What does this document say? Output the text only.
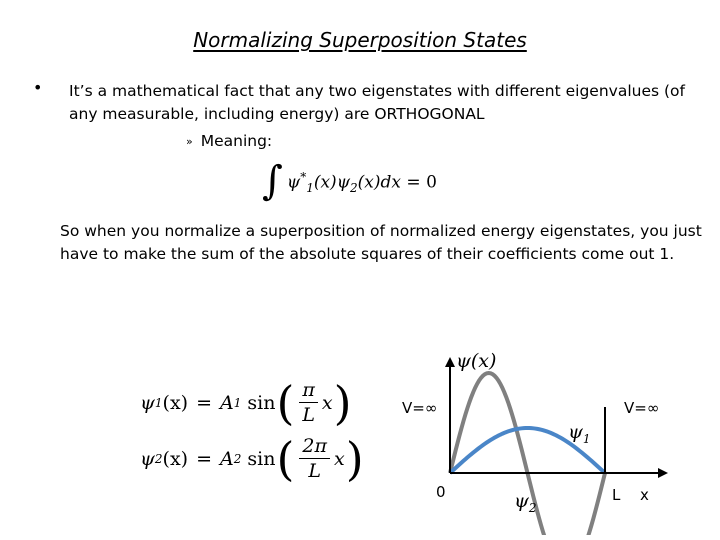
Normalizing Superposition States
• It’s a mathematical fact that any two eigenstates with different eigenvalues (of any measurable, including energy) are ORTHOGONAL
» Meaning:
∫ $\psi^*_1(x)\psi_2(x)dx = 0$
So when you normalize a superposition of normalized energy eigenstates, you just have to make the sum of the absolute squares of their coefficients come out 1.
ψ 1 (x) = A 1 sin ( $\frac{\pi}{L}$ x )
ψ 2 (x) = A 2 sin ( $\frac{2\pi}{L}$ x )
ψ(x)
V=∞	V=∞
0	L x
$\psi_1$
$\psi_2$
